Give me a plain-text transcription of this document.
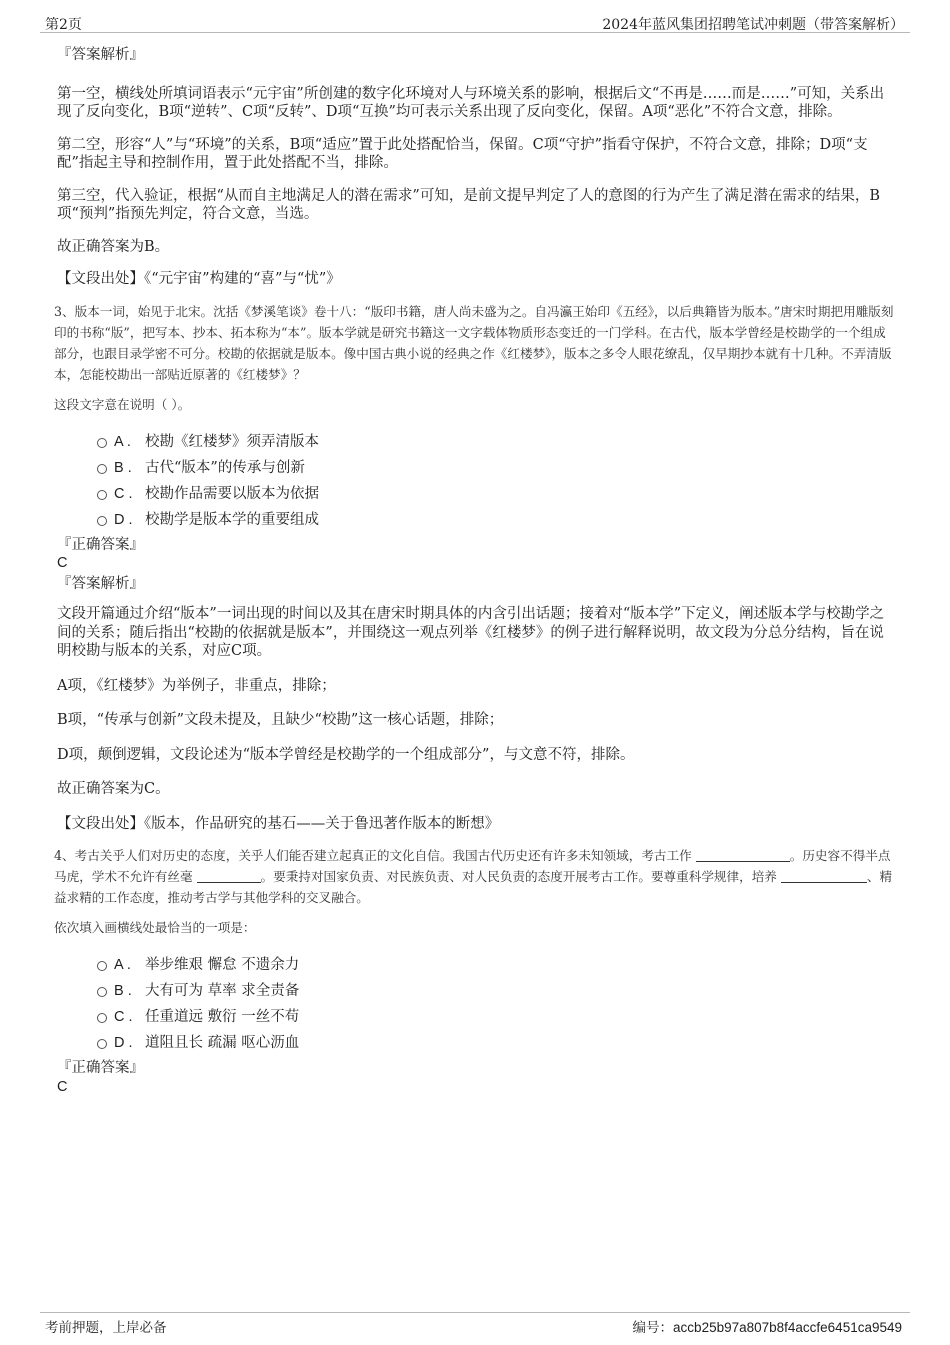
第2页	2024年蓝风集团招聘笔试冲刺题（带答案解析）
『答案解析』
第一空，横线处所填词语表示“元宇宙”所创建的数字化环境对人与环境关系的影响，根据后文“不再是……而是……”可知，关系出现了反向变化，B项“逆转”、C项“反转”、D项“互换”均可表示关系出现了反向变化，保留。A项“恶化”不符合文意，排除。
第二空，形容“人”与“环境”的关系，B项“适应”置于此处搭配恰当，保留。C项“守护”指看守保护，不符合文意，排除；D项“支配”指起主导和控制作用，置于此处搭配不当，排除。
第三空，代入验证，根据“从而自主地满足人的潜在需求”可知，是前文提早判定了人的意图的行为产生了满足潜在需求的结果，B项“预判”指预先判定，符合文意，当选。
故正确答案为B。
【文段出处】《“元宇宙”构建的“喜”与“忧”》
3、版本一词，始见于北宋。沈括《梦溪笔谈》卷十八：“版印书籍，唐人尚未盛为之。自冯瀛王始印《五经》，以后典籍皆为版本。”唐宋时期把用雕版刻印的书称“版”，把写本、抄本、拓本称为“本”。版本学就是研究书籍这一文字载体物质形态变迁的一门学科。在古代，版本学曾经是校勘学的一个组成部分，也跟目录学密不可分。校勘的依据就是版本。像中国古典小说的经典之作《红楼梦》，版本之多令人眼花缭乱，仅早期抄本就有十几种。不弄清版本，怎能校勘出一部贴近原著的《红楼梦》？
这段文字意在说明（ ）。
A . 校勘《红楼梦》须弄清版本
B . 古代“版本”的传承与创新
C . 校勘作品需要以版本为依据
D . 校勘学是版本学的重要组成
『正确答案』
C
『答案解析』
文段开篇通过介绍“版本”一词出现的时间以及其在唐宋时期具体的内含引出话题；接着对“版本学”下定义，阐述版本学与校勘学之间的关系；随后指出“校勘的依据就是版本”，并围绕这一观点列举《红楼梦》的例子进行解释说明，故文段为分总分结构，旨在说明校勘与版本的关系，对应C项。
A项，《红楼梦》为举例子，非重点，排除；
B项，“传承与创新”文段未提及，且缺少“校勘”这一核心话题，排除；
D项，颠倒逻辑，文段论述为“版本学曾经是校勘学的一个组成部分”，与文意不符，排除。
故正确答案为C。
【文段出处】《版本，作品研究的基石——关于鲁迅著作版本的断想》
4、考古关乎人们对历史的态度，关乎人们能否建立起真正的文化自信。我国古代历史还有许多未知领域，考古工作	。历史容不得半点马虎，学术不允许有丝毫	。要秉持对国家负责、对民族负责、对人民负责的态度开展考古工作。要尊重科学规律，培养	、精益求精的工作态度，推动考古学与其他学科的交叉融合。
依次填入画横线处最恰当的一项是：
A . 举步维艰 懈怠 不遗余力
B . 大有可为 草率 求全责备
C . 任重道远 敷衍 一丝不苟
D . 道阻且长 疏漏 呕心沥血
『正确答案』
C
考前押题，上岸必备	编号：accb25b97a807b8f4accfe6451ca9549
